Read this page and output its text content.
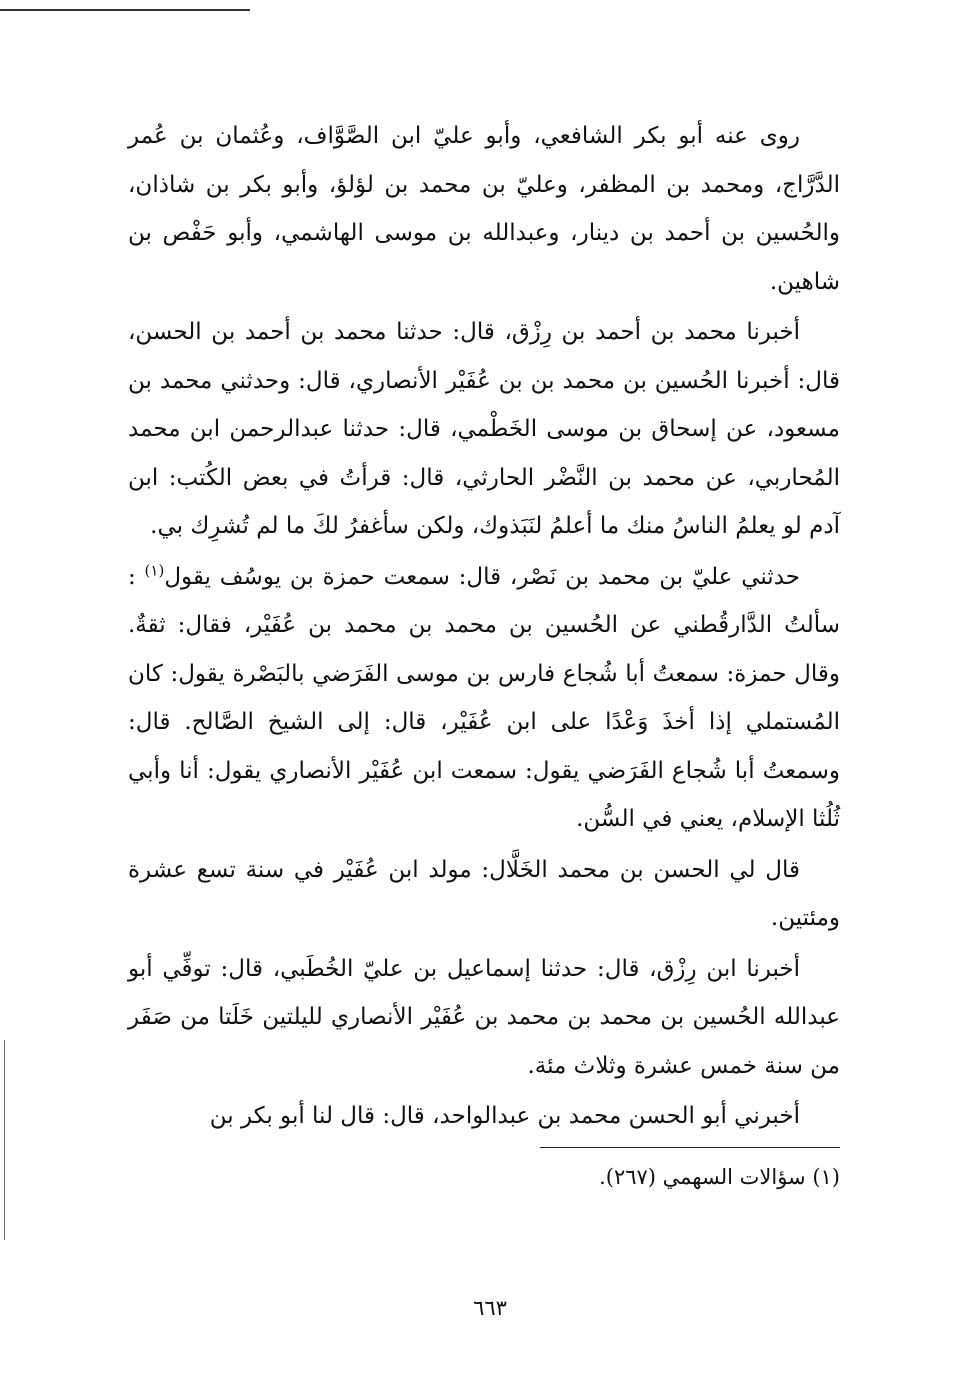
روى عنه أبو بكر الشافعي، وأبو عليّ ابن الصَّوَّاف، وعُثمان بن عُمر الدَّرَّاج، ومحمد بن المظفر، وعليّ بن محمد بن لؤلؤ، وأبو بكر بن شاذان، والحُسين بن أحمد بن دينار، وعبدالله بن موسى الهاشمي، وأبو حَفْص بن شاهين.

أخبرنا محمد بن أحمد بن رِزْق، قال: حدثنا محمد بن أحمد بن الحسن، قال: أخبرنا الحُسين بن محمد بن بن عُفَيْر الأنصاري، قال: وحدثني محمد بن مسعود، عن إسحاق بن موسى الخَطْمي، قال: حدثنا عبدالرحمن ابن محمد المُحاربي، عن محمد بن النَّضْر الحارثي، قال: قرأتُ في بعض الكُتب: ابن آدم لو يعلمُ الناسُ منك ما أعلمُ لنَبَذوك، ولكن سأغفرُ لكَ ما لم تُشرِك بي.

حدثني عليّ بن محمد بن نَصْر، قال: سمعت حمزة بن يوسُف يقول$^{(١)}$ : سألتُ الدَّارقُطني عن الحُسين بن محمد بن محمد بن عُفَيْر، فقال: ثقةٌ. وقال حمزة: سمعتُ أبا شُجاع فارس بن موسى الفَرَضي بالبَصْرة يقول: كان المُستملي إذا أخذَ وَعْدًا على ابن عُفَيْر، قال: إلى الشيخ الصَّالح. قال: وسمعتُ أبا شُجاع الفَرَضي يقول: سمعت ابن عُفَيْر الأنصاري يقول: أنا وأبي ثُلُثا الإسلام، يعني في السُّن.

قال لي الحسن بن محمد الخَلَّال: مولد ابن عُفَيْر في سنة تسع عشرة ومئتين.

أخبرنا ابن رِزْق، قال: حدثنا إسماعيل بن عليّ الخُطَبي، قال: توفِّي أبو عبدالله الحُسين بن محمد بن محمد بن عُفَيْر الأنصاري لليلتين خَلَتا من صَفَر من سنة خمس عشرة وثلاث مئة.

أخبرني أبو الحسن محمد بن عبدالواحد، قال: قال لنا أبو بكر بن

(١) سؤالات السهمي (٢٦٧).

٦٦٣
